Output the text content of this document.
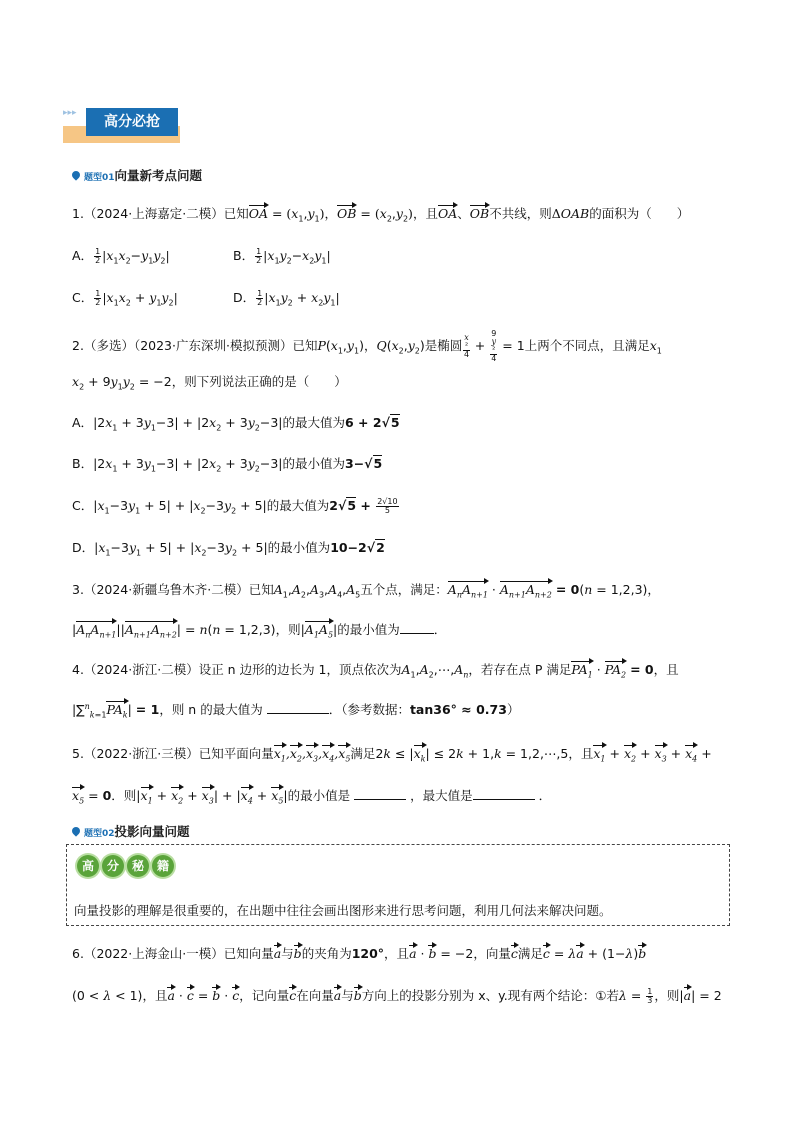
▸▸▸
高分必抢
题型01向量新考点问题
1.（2024·上海嘉定·二模）已知OA = $(x_1,y_1)$，OB = $(x_2,y_2)$，且OA、OB不共线，则ΔOAB的面积为（　　）
A． $\frac{1}{2} |x_1x_2-y_1y_2|$	B． $\frac{1}{2} |x_1y_2-x_2y_1|$
C． $\frac{1}{2} |x_1x_2 + y_1y_2|$	D． $\frac{1}{2} |x_1y_2 + x_2y_1|$
2.（多选）（2023·广东深圳·模拟预测）已知$P(x_1,y_1)$，$Q(x_2,y_2)$是椭圆 x
²
4 + 9
y
²
4 = 1上两个不同点，且满足$x_1$
$x_2 + 9y_1y_2 = -2$，则下列说法正确的是（　　）
A．$|2x_1 + 3y_1-3| + |2x_2 + 3y_2-3|$的最大值为6 + 2√5
B．$|2x_1 + 3y_1-3| + |2x_2 + 3y_2-3|$的最小值为3−√5
C．$|x_1-3y_1 + 5| + |x_2-3y_2 + 5|$的最大值为$2√5 + \frac{2√10}{5}$
D．$|x_1-3y_1 + 5| + |x_2-3y_2 + 5|$的最小值为10−2√2
3.（2024·新疆乌鲁木齐·二模）已知$A_1,A_2,A_3,A_4,A_5$五个点，满足：$A_nA_{n+1} \cdot A_{n+1}A_{n+2} = 0(n = 1,2,3)$，
$|A_nA_{n+1}||A_{n+1}A_{n+2}| = n(n = 1,2,3)$，则$|A_1A_5|$的最小值为	．
4.（2024·浙江·二模）设正 n 边形的边长为 1，顶点依次为$A_1,A_2,\cdots,A_n$，若存在点 P 满足$PA_1 \cdot PA_2 = 0$，且
$|\sum^n_{k=1}PA_k| = 1$，则 n 的最大值为	．（参考数据：tan36° ≈ 0.73）
5.（2022·浙江·三模）已知平面向量$x_1,x_2,x_3,x_4,x_5$满足$2k \le |x_k| \le 2k + 1,k$ = 1,2,⋯,5，且$x_1 + x_2 + x_3 + x_4$ +
$x_5 = 0$．则$|x_1 + x_2 + x_3| + |x_4 + x_5|$的最小值是	，最大值是	．
题型02投影向量问题
高 分 秘 籍
向量投影的理解是很重要的，在出题中往往会画出图形来进行思考问题，利用几何法来解决问题。
6.（2022·上海金山·一模）已知向量a与b的夹角为120°，且a · b = −2，向量c满足c = λa + (1−λ)b
(0 < λ < 1)，且a · c = b · c，记向量c在向量a与b方向上的投影分别为 x、y.现有两个结论：①若$\lambda = \frac{1}{3}$ ，则|a| = 2
